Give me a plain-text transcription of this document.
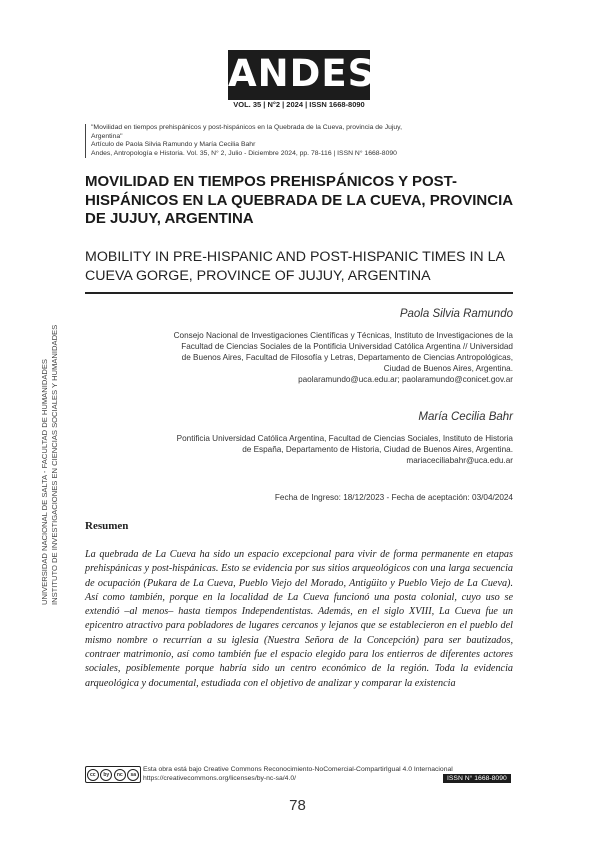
ANDES
VOL. 35 | N°2 | 2024 | ISSN 1668-8090
"Movilidad en tiempos prehispánicos y post-hispánicos en la Quebrada de la Cueva, provincia de Jujuy,
Argentina"
Artículo de Paola Silvia Ramundo y María Cecilia Bahr
Andes, Antropología e Historia. Vol. 35, N° 2, Julio - Diciembre 2024, pp. 78-116 | ISSN N° 1668-8090
MOVILIDAD EN TIEMPOS PREHISPÁNICOS Y POST-HISPÁNICOS EN LA QUEBRADA DE LA CUEVA, PROVINCIA DE JUJUY, ARGENTINA
MOBILITY IN PRE-HISPANIC AND POST-HISPANIC TIMES IN LA CUEVA GORGE, PROVINCE OF JUJUY, ARGENTINA
Paola Silvia Ramundo
Consejo Nacional de Investigaciones Científicas y Técnicas, Instituto de Investigaciones de la
Facultad de Ciencias Sociales de la Pontificia Universidad Católica Argentina // Universidad
de Buenos Aires, Facultad de Filosofía y Letras, Departamento de Ciencias Antropológicas,
Ciudad de Buenos Aires, Argentina.
paolaramundo@uca.edu.ar; paolaramundo@conicet.gov.ar
María Cecilia Bahr
Pontificia Universidad Católica Argentina, Facultad de Ciencias Sociales, Instituto de Historia
de España, Departamento de Historia, Ciudad de Buenos Aires, Argentina.
mariaceciliabahr@uca.edu.ar
Fecha de Ingreso: 18/12/2023 - Fecha de aceptación: 03/04/2024
Resumen
La quebrada de La Cueva ha sido un espacio excepcional para vivir de forma permanente en etapas prehispánicas y post-hispánicas. Esto se evidencia por sus sitios arqueológicos con una larga secuencia de ocupación (Pukara de La Cueva, Pueblo Viejo del Morado, Antigüito y Pueblo Viejo de La Cueva). Así como también, porque en la localidad de La Cueva funcionó una posta colonial, cuyo uso se extendió –al menos– hasta tiempos Independentistas. Además, en el siglo XVIII, La Cueva fue un epicentro atractivo para pobladores de lugares cercanos y lejanos que se establecieron en el pueblo del mismo nombre o recurrían a su iglesia (Nuestra Señora de la Concepción) para ser bautizados, contraer matrimonio, así como también fue el espacio elegido para los entierros de diferentes actores sociales, posiblemente porque habría sido un centro económico de la región. Toda la evidencia arqueológica y documental, estudiada con el objetivo de analizar y comparar la existencia
UNIVERSIDAD NACIONAL DE SALTA - FACULTAD DE HUMANIDADES INSTITUTO DE INVESTIGACIONES EN CIENCIAS SOCIALES Y HUMANIDADES
cc	by	nc	sa
Esta obra está bajo Creative Commons Reconocimiento-NoComercial-CompartirIgual 4.0 Internacional
https://creativecommons.org/licenses/by-nc-sa/4.0/	ISSN N° 1668-8090
78
